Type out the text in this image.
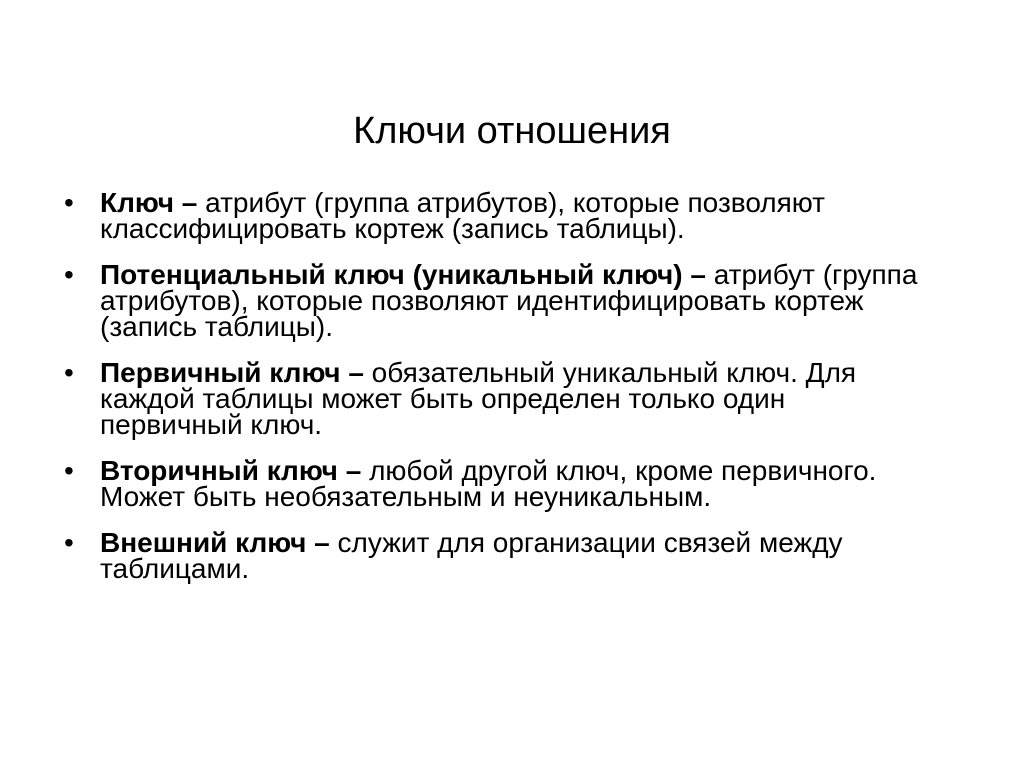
Ключи отношения
• Ключ – атрибут (группа атрибутов), которые позволяют классифицировать кортеж (запись таблицы).
• Потенциальный ключ (уникальный ключ) – атрибут (группа атрибутов), которые позволяют идентифицировать кортеж (запись таблицы).
• Первичный ключ – обязательный уникальный ключ. Для каждой таблицы может быть определен только один первичный ключ.
• Вторичный ключ – любой другой ключ, кроме первичного. Может быть необязательным и неуникальным.
• Внешний ключ – служит для организации связей между таблицами.
